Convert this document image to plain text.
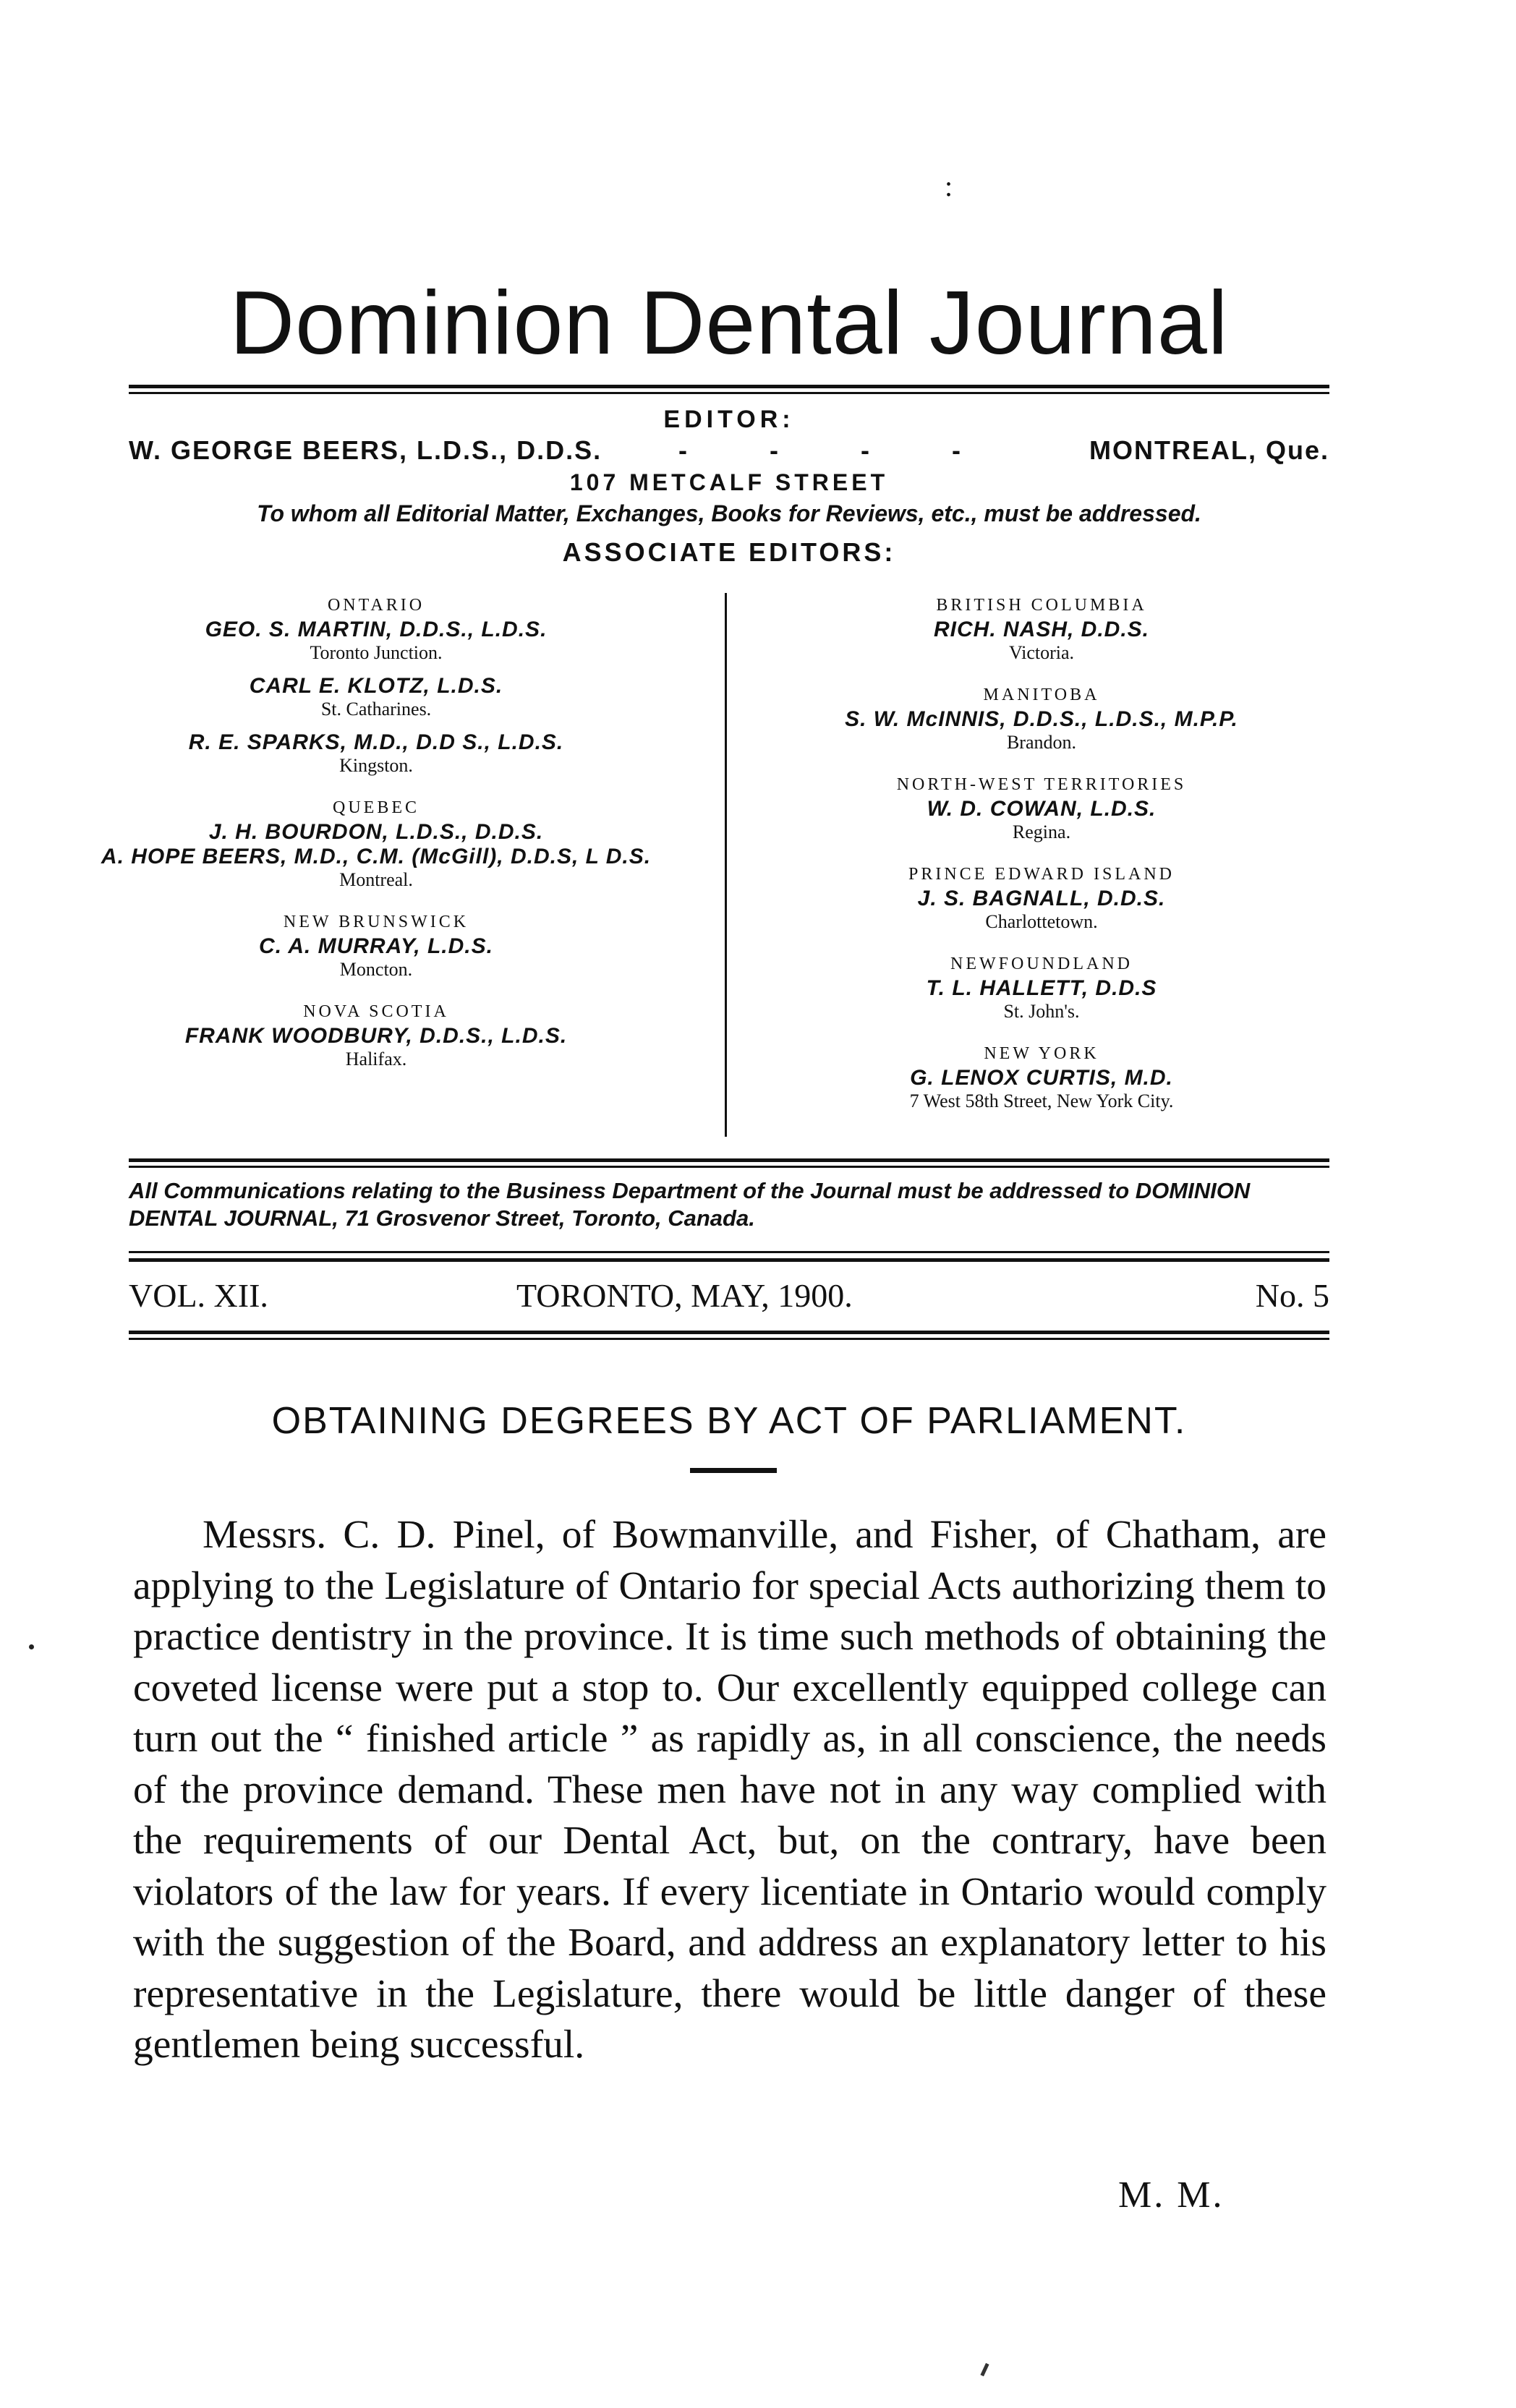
:
Dominion Dental Journal
EDITOR:
W. GEORGE BEERS, L.D.S., D.D.S.	- - - -	MONTREAL, Que.
107 METCALF STREET
To whom all Editorial Matter, Exchanges, Books for Reviews, etc., must be addressed.
ASSOCIATE EDITORS:
ONTARIO
GEO. S. MARTIN, D.D.S., L.D.S.
Toronto Junction.
CARL E. KLOTZ, L.D.S.
St. Catharines.
R. E. SPARKS, M.D., D.D S., L.D.S.
Kingston.
QUEBEC
J. H. BOURDON, L.D.S., D.D.S.
A. HOPE BEERS, M.D., C.M. (McGill), D.D.S, L D.S.
Montreal.
NEW BRUNSWICK
C. A. MURRAY, L.D.S.
Moncton.
NOVA SCOTIA
FRANK WOODBURY, D.D.S., L.D.S.
Halifax.
BRITISH COLUMBIA
RICH. NASH, D.D.S.
Victoria.
MANITOBA
S. W. McINNIS, D.D.S., L.D.S., M.P.P.
Brandon.
NORTH-WEST TERRITORIES
W. D. COWAN, L.D.S.
Regina.
PRINCE EDWARD ISLAND
J. S. BAGNALL, D.D.S.
Charlottetown.
NEWFOUNDLAND
T. L. HALLETT, D.D.S
St. John's.
NEW YORK
G. LENOX CURTIS, M.D.
7 West 58th Street, New York City.
All Communications relating to the Business Department of the Journal must be addressed to DOMINION DENTAL JOURNAL, 71 Grosvenor Street, Toronto, Canada.
VOL. XII.	TORONTO, MAY, 1900.	No. 5
OBTAINING DEGREES BY ACT OF PARLIAMENT.

Messrs. C. D. Pinel, of Bowmanville, and Fisher, of Chatham, are applying to the Legislature of Ontario for special Acts authorizing them to practice dentistry in the province. It is time such methods of obtaining the coveted license were put a stop to. Our excellently equipped college can turn out the “ finished article ” as rapidly as, in all conscience, the needs of the province demand. These men have not in any way complied with the requirements of our Dental Act, but, on the contrary, have been violators of the law for years. If every licentiate in Ontario would comply with the suggestion of the Board, and address an explanatory letter to his representative in the Legislature, there would be little danger of these gentlemen being successful.

M. M.
